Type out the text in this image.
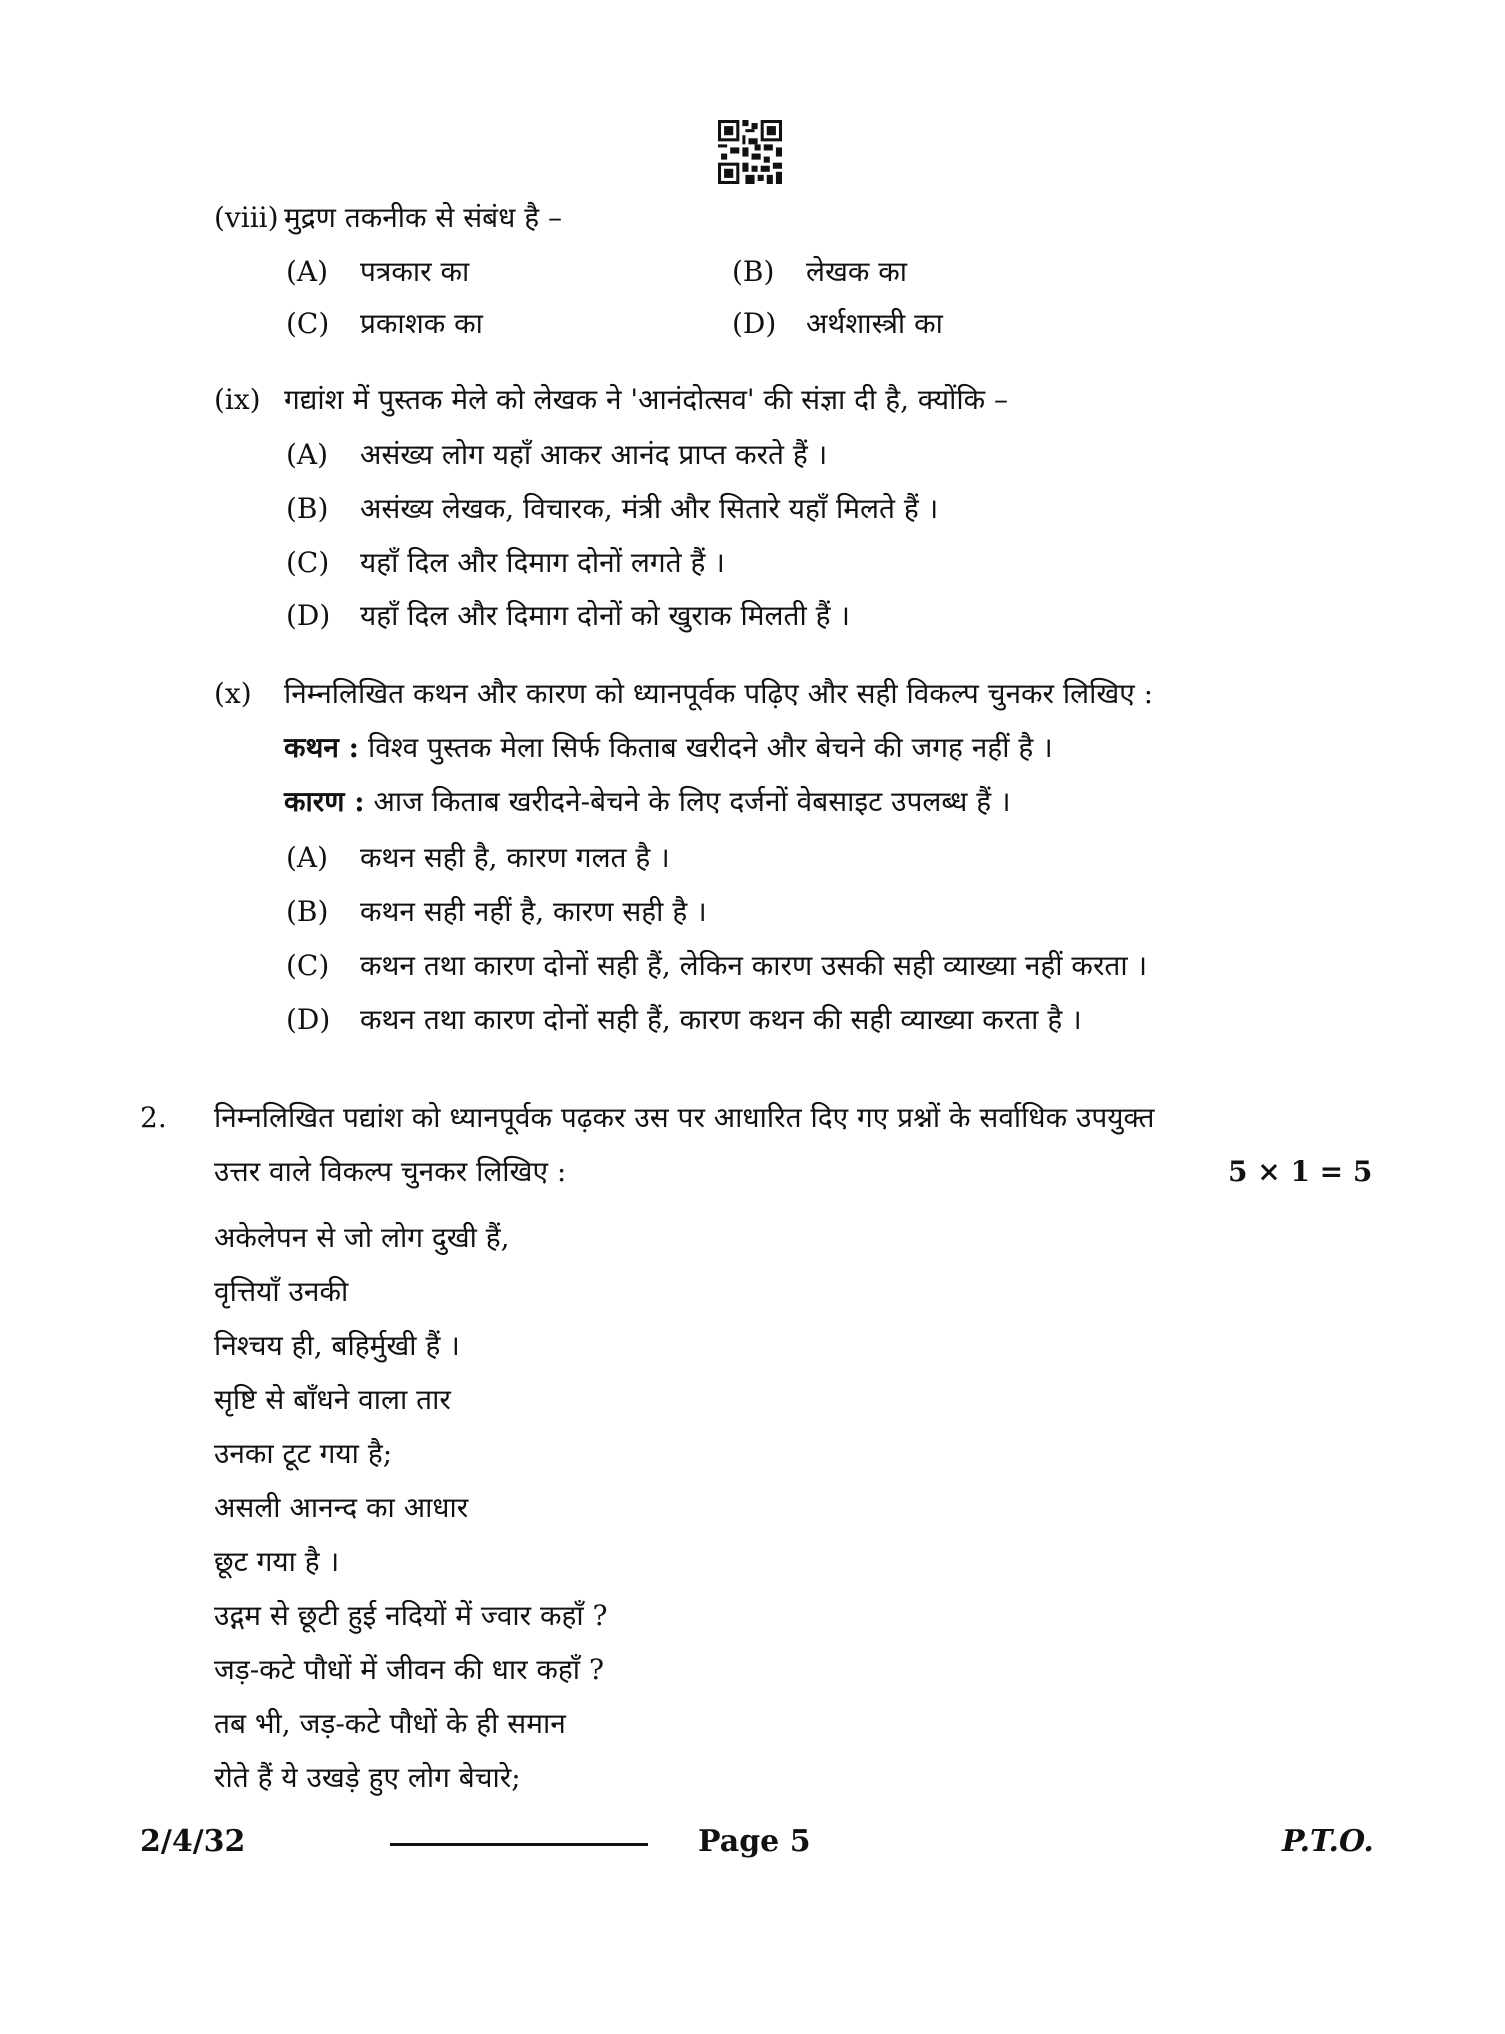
(viii) मुद्रण तकनीक से संबंध है –
(A) पत्रकार का	(B) लेखक का
(C) प्रकाशक का	(D) अर्थशास्त्री का
(ix) गद्यांश में पुस्तक मेले को लेखक ने 'आनंदोत्सव' की संज्ञा दी है, क्योंकि –
(A) असंख्य लोग यहाँ आकर आनंद प्राप्त करते हैं ।
(B) असंख्य लेखक, विचारक, मंत्री और सितारे यहाँ मिलते हैं ।
(C) यहाँ दिल और दिमाग दोनों लगते हैं ।
(D) यहाँ दिल और दिमाग दोनों को खुराक मिलती हैं ।
(x) निम्नलिखित कथन और कारण को ध्यानपूर्वक पढ़िए और सही विकल्प चुनकर लिखिए :
कथन : विश्व पुस्तक मेला सिर्फ किताब खरीदने और बेचने की जगह नहीं है ।
कारण : आज किताब खरीदने-बेचने के लिए दर्जनों वेबसाइट उपलब्ध हैं ।
(A) कथन सही है, कारण गलत है ।
(B) कथन सही नहीं है, कारण सही है ।
(C) कथन तथा कारण दोनों सही हैं, लेकिन कारण उसकी सही व्याख्या नहीं करता ।
(D) कथन तथा कारण दोनों सही हैं, कारण कथन की सही व्याख्या करता है ।
2. निम्नलिखित पद्यांश को ध्यानपूर्वक पढ़कर उस पर आधारित दिए गए प्रश्नों के सर्वाधिक उपयुक्त
उत्तर वाले विकल्प चुनकर लिखिए :	5 × 1 = 5
अकेलेपन से जो लोग दुखी हैं,
वृत्तियाँ उनकी
निश्चय ही, बहिर्मुखी हैं ।
सृष्टि से बाँधने वाला तार
उनका टूट गया है;
असली आनन्द का आधार
छूट गया है ।
उद्गम से छूटी हुई नदियों में ज्वार कहाँ ?
जड़-कटे पौधों में जीवन की धार कहाँ ?
तब भी, जड़-कटे पौधों के ही समान
रोते हैं ये उखड़े हुए लोग बेचारे;
2/4/32	Page 5	P.T.O.
